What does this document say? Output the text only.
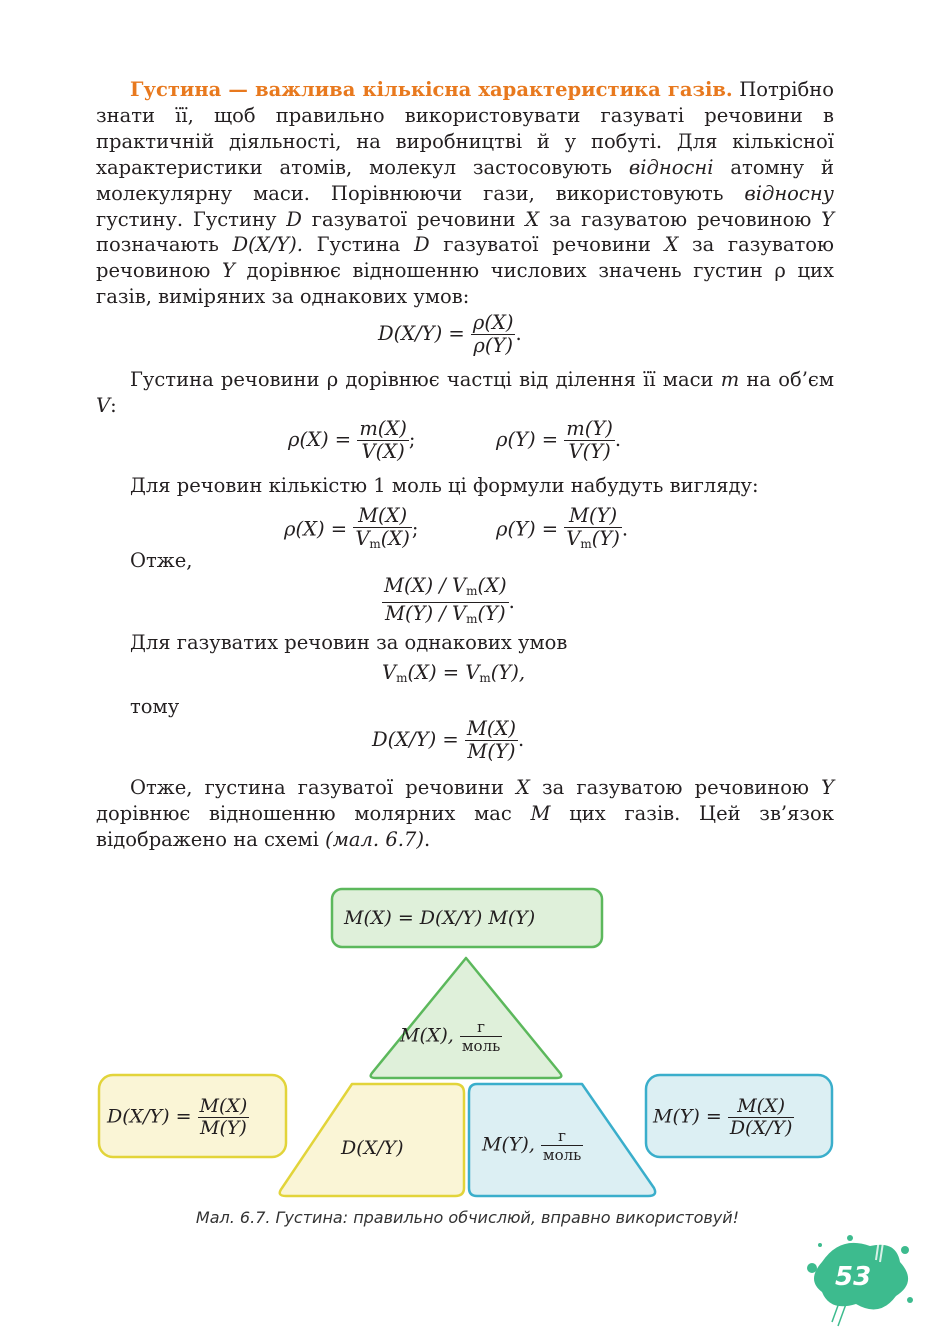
Густина — важлива кількісна характеристика газів. Потрібно знати її, щоб правильно використовувати газуваті речовини в практичній діяльності, на виробництві й у побуті. Для кількісної характеристики атомів, молекул застосовують відносні атомну й молекулярну маси. Порівнюючи гази, використовують відносну густину. Густину D газуватої речовини X за газуватою речовиною Y позначають D(X/Y). Густина D газуватої речовини X за газуватою речовиною Y дорівнює відношенню числових значень густин ρ цих газів, виміряних за однакових умов:
$D(X/Y) = \frac{\rho(X)}{\rho(Y)}$ .
Густина речовини ρ дорівнює частці від ділення її маси m на об’єм V:
$\rho(X) = \frac{m(X)}{V(X)}$ ;	$\rho(Y) = \frac{m(Y)}{V(Y)}$ .
Для речовин кількістю 1 моль ці формули набудуть вигляду:
$\rho(X) = \frac{M(X)}{V_m(X)}$ ;	$\rho(Y) = \frac{M(Y)}{V_m(Y)}$ .
Отже,
$\frac{M(X) / V_m(X)}{M(Y) / V_m(Y)}$ .
Для газуватих речовин за однакових умов
$V_m(X) = V_m(Y)$,
тому
$D(X/Y) = \frac{M(X)}{M(Y)}$ .
Отже, густина газуватої речовини X за газуватою речовиною Y дорівнює відношенню молярних мас M цих газів. Цей зв’язок відображено на схемі (мал. 6.7).
M(X) = D(X/Y) M(Y)
M(X), $\frac{г}{\text{моль}}$
D(X/Y)	M(Y), $\frac{г}{\text{моль}}$
$D(X/Y) = \frac{M(X)}{M(Y)}$	$M(Y) = \frac{M(X)}{D(X/Y)}$
Мал. 6.7. Густина: правильно обчислюй, вправно використовуй!
53
